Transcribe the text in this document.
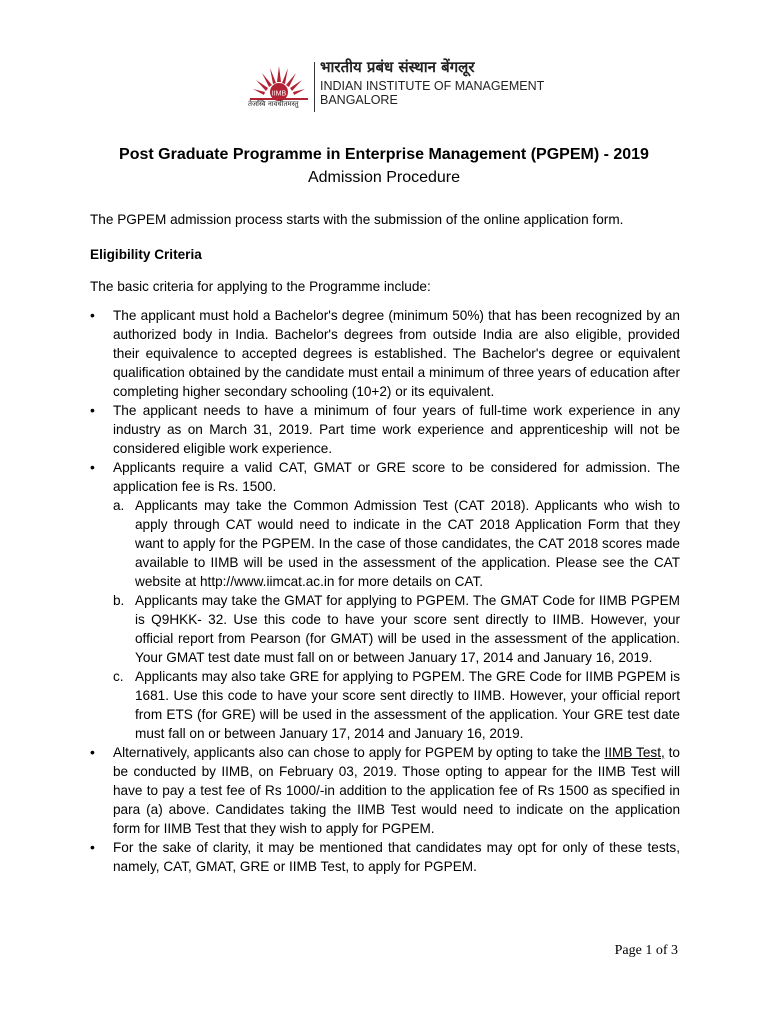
IIMB
तेजस्वि नावधीतमस्तु
भारतीय प्रबंध संस्थान बेंगलूर
INDIAN INSTITUTE OF MANAGEMENT
BANGALORE
Post Graduate Programme in Enterprise Management (PGPEM) - 2019
Admission Procedure
The PGPEM admission process starts with the submission of the online application form.
Eligibility Criteria
The basic criteria for applying to the Programme include:
• The applicant must hold a Bachelor's degree (minimum 50%) that has been recognized by an authorized body in India. Bachelor's degrees from outside India are also eligible, provided their equivalence to accepted degrees is established. The Bachelor's degree or equivalent qualification obtained by the candidate must entail a minimum of three years of education after completing higher secondary schooling (10+2) or its equivalent.
• The applicant needs to have a minimum of four years of full-time work experience in any industry as on March 31, 2019. Part time work experience and apprenticeship will not be considered eligible work experience.
• Applicants require a valid CAT, GMAT or GRE score to be considered for admission. The application fee is Rs. 1500.
a. Applicants may take the Common Admission Test (CAT 2018). Applicants who wish to apply through CAT would need to indicate in the CAT 2018 Application Form that they want to apply for the PGPEM. In the case of those candidates, the CAT 2018 scores made available to IIMB will be used in the assessment of the application. Please see the CAT website at http://www.iimcat.ac.in for more details on CAT.
b. Applicants may take the GMAT for applying to PGPEM. The GMAT Code for IIMB PGPEM is Q9HKK- 32. Use this code to have your score sent directly to IIMB. However, your official report from Pearson (for GMAT) will be used in the assessment of the application. Your GMAT test date must fall on or between January 17, 2014 and January 16, 2019.
c. Applicants may also take GRE for applying to PGPEM. The GRE Code for IIMB PGPEM is 1681. Use this code to have your score sent directly to IIMB. However, your official report from ETS (for GRE) will be used in the assessment of the application. Your GRE test date must fall on or between January 17, 2014 and January 16, 2019.
• Alternatively, applicants also can chose to apply for PGPEM by opting to take the IIMB Test, to be conducted by IIMB, on February 03, 2019. Those opting to appear for the IIMB Test will have to pay a test fee of Rs 1000/-in addition to the application fee of Rs 1500 as specified in para (a) above. Candidates taking the IIMB Test would need to indicate on the application form for IIMB Test that they wish to apply for PGPEM.
• For the sake of clarity, it may be mentioned that candidates may opt for only of these tests, namely, CAT, GMAT, GRE or IIMB Test, to apply for PGPEM.
Page 1 of 3
